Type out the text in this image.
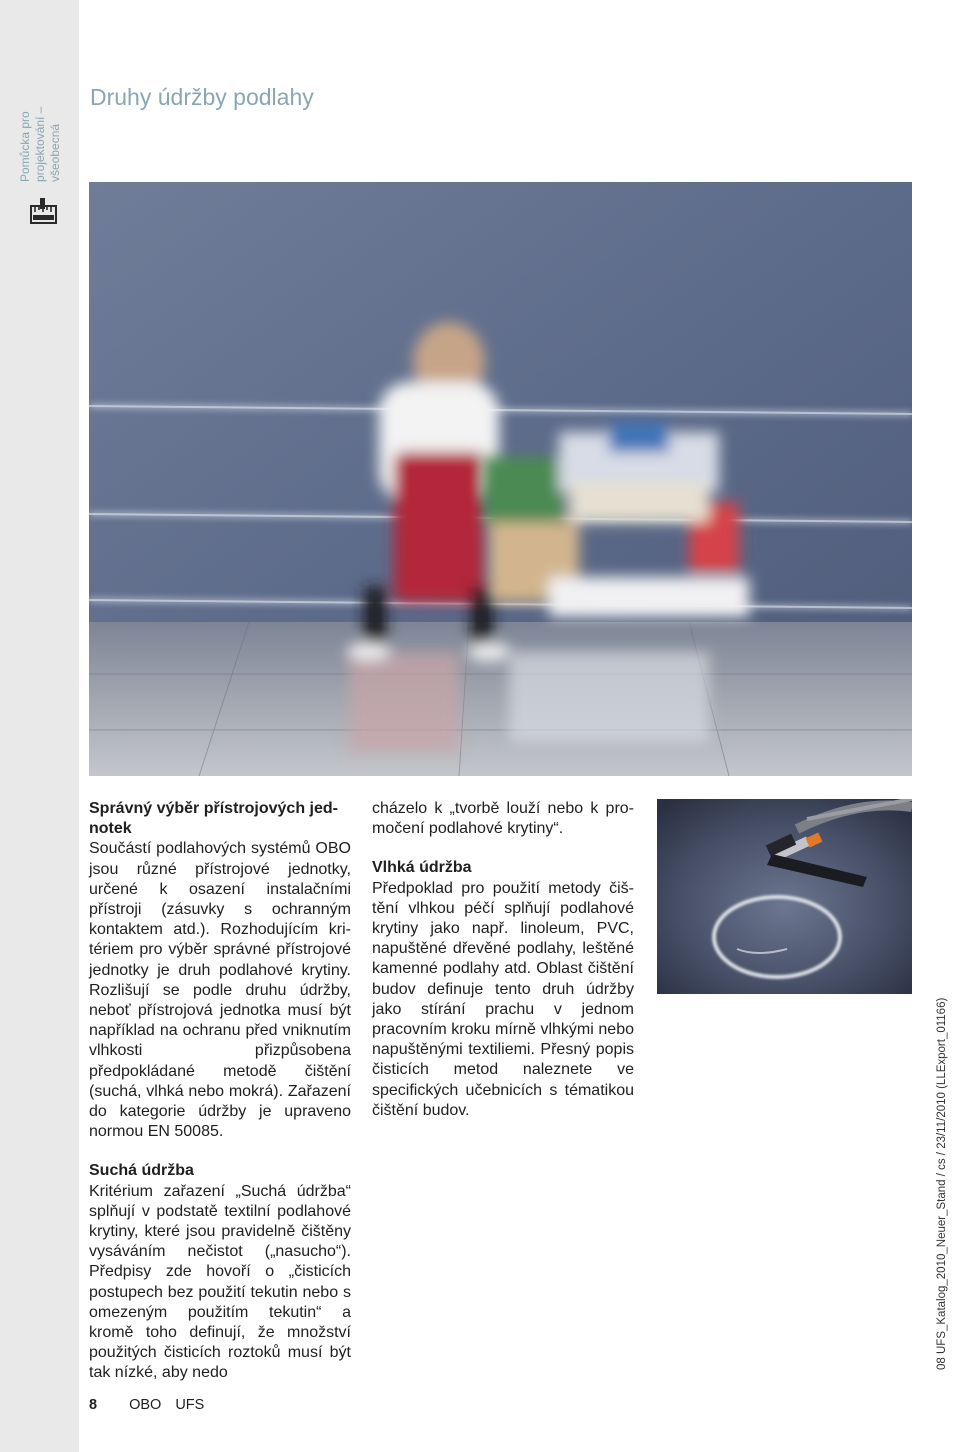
Pomůcka pro projektování – všeobecná
Druhy údržby podlahy
Správný výběr přístrojových jednotek

Součástí podlahových systémů OBO jsou různé přístrojové jednotky, určené k osazení instalačními přístroji (zásuvky s ochranným kontaktem atd.). Rozhodujícím kritériem pro výběr správné přístrojové jednotky je druh podlahové krytiny. Rozlišují se podle druhu údržby, neboť přístrojová jednotka musí být například na ochranu před vniknutím vlhkosti přizpůsobena předpokládané metodě čištění (suchá, vlhká nebo mokrá). Zařazení do kategorie údržby je upraveno normou EN 50085.

Suchá údržba

Kritérium zařazení „Suchá údržba“ splňují v podstatě textilní podlahové krytiny, které jsou pravidelně čištěny vysáváním nečistot („nasucho“). Předpisy zde hovoří o „čisticích postupech bez použití tekutin nebo s omezeným použitím tekutin“ a kromě toho definují, že množství použitých čisticích roztoků musí být tak nízké, aby nedo

cházelo k „tvorbě louží nebo k promočení podlahové krytiny“.

Vlhká údržba

Předpoklad pro použití metody čištění vlhkou péčí splňují podlahové krytiny jako např. linoleum, PVC, napuštěné dřevěné podlahy, leštěné kamenné podlahy atd. Oblast čištění budov definuje tento druh údržby jako stírání prachu v jednom pracovním kroku mírně vlhkými nebo napuštěnými textiliemi. Přesný popis čisticích metod naleznete ve specifických učebnicích s tématikou čištění budov.	08 UFS_Katalog_2010_Neuer_Stand / cs / 23/11/2010 (LLExport_01166)
8 OBO UFS
